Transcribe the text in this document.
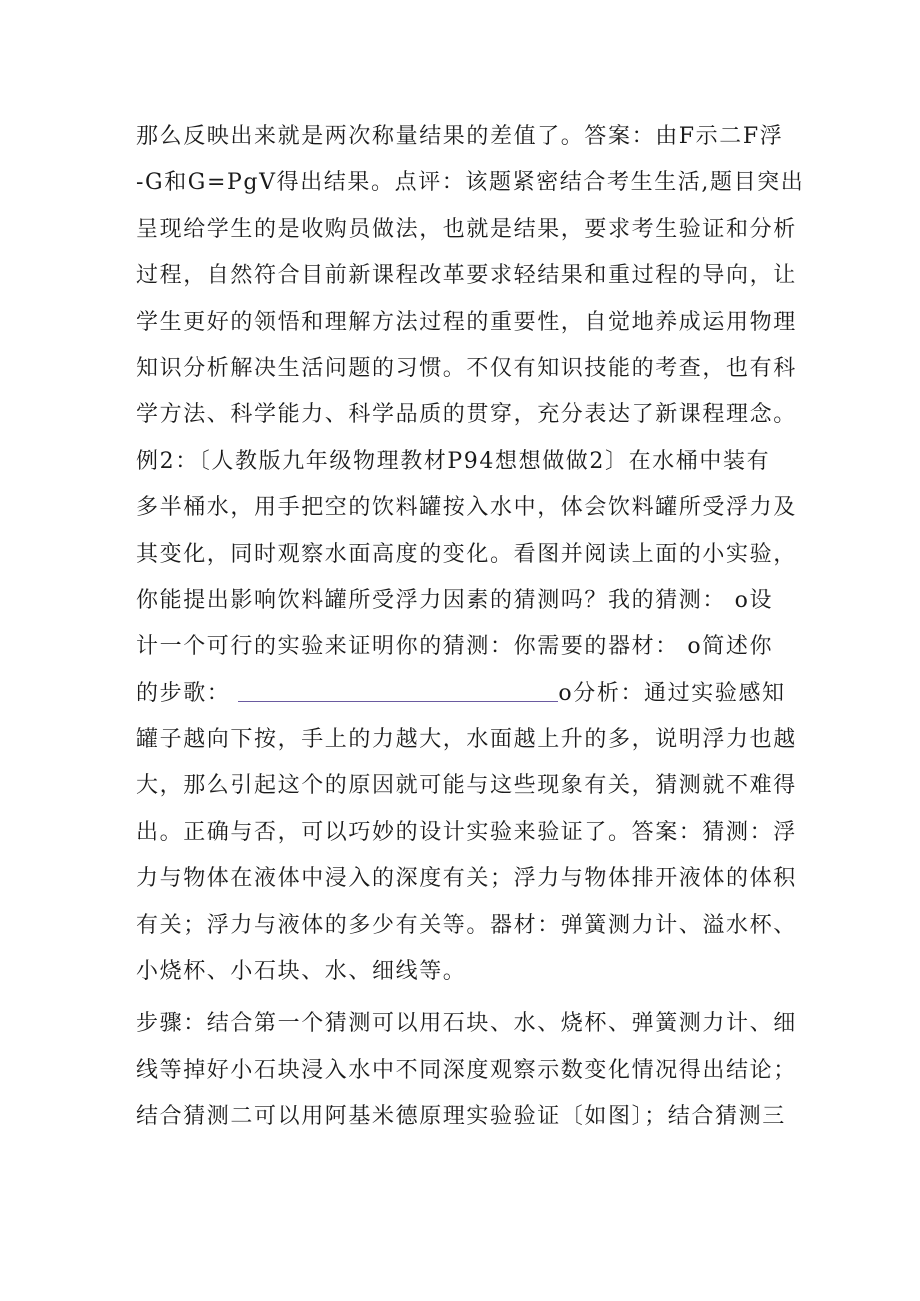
那么反映出来就是两次称量结果的差值了。答案：由F示二F浮
-G和G=PgV得出结果。点评：该题紧密结合考生生活,题目突出
呈现给学生的是收购员做法，也就是结果，要求考生验证和分析
过程，自然符合目前新课程改革要求轻结果和重过程的导向，让
学生更好的领悟和理解方法过程的重要性，自觉地养成运用物理
知识分析解决生活问题的习惯。不仅有知识技能的考查，也有科
学方法、科学能力、科学品质的贯穿，充分表达了新课程理念。
例2：〔人教版九年级物理教材P94想想做做2〕在水桶中装有
多半桶水，用手把空的饮料罐按入水中，体会饮料罐所受浮力及
其变化，同时观察水面高度的变化。看图并阅读上面的小实验，
你能提出影响饮料罐所受浮力因素的猜测吗？我的猜测： o设
计一个可行的实验来证明你的猜测：你需要的器材： o简述你
的步歌：	o分析：通过实验感知
罐子越向下按，手上的力越大，水面越上升的多，说明浮力也越
大，那么引起这个的原因就可能与这些现象有关，猜测就不难得
出。正确与否，可以巧妙的设计实验来验证了。答案：猜测：浮
力与物体在液体中浸入的深度有关；浮力与物体排开液体的体积
有关；浮力与液体的多少有关等。器材：弹簧测力计、溢水杯、
小烧杯、小石块、水、细线等。
步骤：结合第一个猜测可以用石块、水、烧杯、弹簧测力计、细
线等掉好小石块浸入水中不同深度观察示数变化情况得出结论；
结合猜测二可以用阿基米德原理实验验证〔如图〕；结合猜测三
